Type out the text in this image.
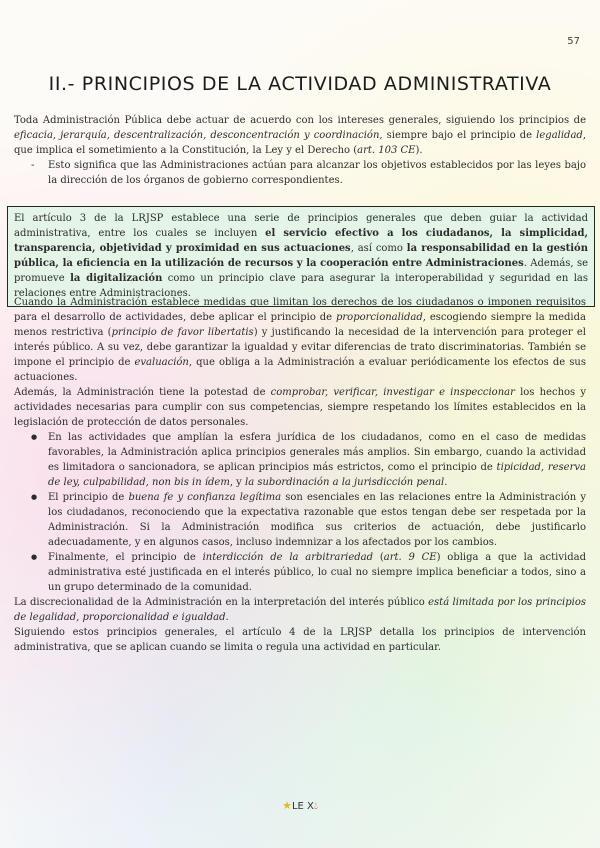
57
II.- PRINCIPIOS DE LA ACTIVIDAD ADMINISTRATIVA

Toda Administración Pública debe actuar de acuerdo con los intereses generales, siguiendo los principios de eficacia, jerarquía, descentralización, desconcentración y coordinación, siempre bajo el principio de legalidad, que implica el sometimiento a la Constitución, la Ley y el Derecho (art. 103 CE).

- Esto significa que las Administraciones actúan para alcanzar los objetivos establecidos por las leyes bajo la dirección de los órganos de gobierno correspondientes.

El artículo 3 de la LRJSP establece una serie de principios generales que deben guiar la actividad administrativa, entre los cuales se incluyen el servicio efectivo a los ciudadanos, la simplicidad, transparencia, objetividad y proximidad en sus actuaciones, así como la responsabilidad en la gestión pública, la eficiencia en la utilización de recursos y la cooperación entre Administraciones. Además, se promueve la digitalización como un principio clave para asegurar la interoperabilidad y seguridad en las relaciones entre Administraciones.

Cuando la Administración establece medidas que limitan los derechos de los ciudadanos o imponen requisitos para el desarrollo de actividades, debe aplicar el principio de proporcionalidad, escogiendo siempre la medida menos restrictiva (principio de favor libertatis) y justificando la necesidad de la intervención para proteger el interés público. A su vez, debe garantizar la igualdad y evitar diferencias de trato discriminatorias. También se impone el principio de evaluación, que obliga a la Administración a evaluar periódicamente los efectos de sus actuaciones.

Además, la Administración tiene la potestad de comprobar, verificar, investigar e inspeccionar los hechos y actividades necesarias para cumplir con sus competencias, siempre respetando los límites establecidos en la legislación de protección de datos personales.

● En las actividades que amplían la esfera jurídica de los ciudadanos, como en el caso de medidas favorables, la Administración aplica principios generales más amplios. Sin embargo, cuando la actividad es limitadora o sancionadora, se aplican principios más estrictos, como el principio de tipicidad, reserva de ley, culpabilidad, non bis in ídem, y la subordinación a la jurisdicción penal.
● El principio de buena fe y confianza legítima son esenciales en las relaciones entre la Administración y los ciudadanos, reconociendo que la expectativa razonable que estos tengan debe ser respetada por la Administración. Si la Administración modifica sus criterios de actuación, debe justificarlo adecuadamente, y en algunos casos, incluso indemnizar a los afectados por los cambios.
● Finalmente, el principio de interdicción de la arbitrariedad (art. 9 CE) obliga a que la actividad administrativa esté justificada en el interés público, lo cual no siempre implica beneficiar a todos, sino a un grupo determinado de la comunidad.

La discrecionalidad de la Administración en la interpretación del interés público está limitada por los principios de legalidad, proporcionalidad e igualdad.

Siguiendo estos principios generales, el artículo 4 de la LRJSP detalla los principios de intervención administrativa, que se aplican cuando se limita o regula una actividad en particular.

★LE X💧︎
